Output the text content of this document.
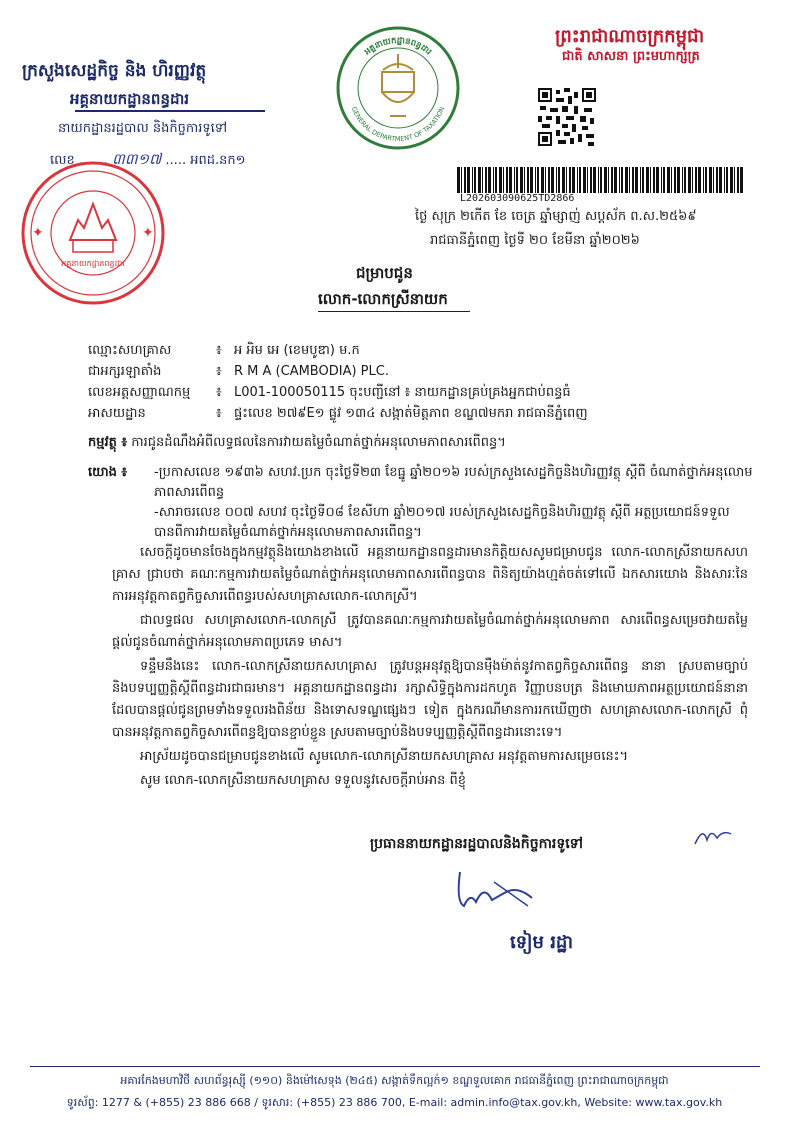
ក្រសួងសេដ្ឋកិច្ច និង ហិរញ្ញវត្ថុ
អគ្គនាយកដ្ឋានពន្ធដារ
នាយកដ្ឋានរដ្ឋបាល និងកិច្ចការទូទៅ
លេខ ....... ៣៣១៧ ..... អពដ.នក១
អគ្គនាយកដ្ឋានពន្ធដារ
✦	✦
អគ្គនាយកដ្ឋានពន្ធដារ
GENERAL DEPARTMENT OF TAXATION
ព្រះរាជាណាចក្រកម្ពុជា
ជាតិ សាសនា ព្រះមហាក្សត្រ
L202603090625TD2866
ថ្ងៃ សុក្រ ២កើត ខែ ចេត្រ ឆ្នាំម្សាញ់ សប្តស័ក ព.ស.២៥៦៩
រាជធានីភ្នំពេញ ថ្ងៃទី ២០ ខែមីនា ឆ្នាំ២០២៦
ជម្រាបជូន
លោក-លោកស្រីនាយក
ឈ្មោះសហគ្រាស	៖ អ អិម អេ (ខេមបូឌា) ម.ក
ជាអក្សរឡាតាំង	៖ R M A (CAMBODIA) PLC.
លេខអត្តសញ្ញាណកម្ម	៖ L001-100050115 ចុះបញ្ជីនៅ ៖ នាយកដ្ឋានគ្រប់គ្រងអ្នកជាប់ពន្ធធំ
អាសយដ្ឋាន	៖ ផ្ទះលេខ ២៧៩E១ ផ្លូវ ១៣៤ សង្កាត់មិត្តភាព ខណ្ឌ៧មករា រាជធានីភ្នំពេញ
កម្មវត្ថុ ៖ ការជូនដំណឹងអំពីលទ្ធផលនៃការវាយតម្លៃចំណាត់ថ្នាក់អនុលោមភាពសារពើពន្ធ។
យោង ៖ -ប្រកាសលេខ ១៩៣៦ សហវ.ប្រក ចុះថ្ងៃទី២៣ ខែធ្នូ ឆ្នាំ២០១៦ របស់ក្រសួងសេដ្ឋកិច្ចនិងហិរញ្ញវត្ថុ ស្តីពី ចំណាត់ថ្នាក់អនុលោមភាពសារពើពន្ធ
-សារាចរលេខ ០០៧ សហវ ចុះថ្ងៃទី០៨ ខែសីហា ឆ្នាំ២០១៧ របស់ក្រសួងសេដ្ឋកិច្ចនិងហិរញ្ញវត្ថុ ស្តីពី អត្ថប្រយោជន៍ទទួលបានពីការវាយតម្លៃចំណាត់ថ្នាក់អនុលោមភាពសារពើពន្ធ។

សេចក្តីដូចមានចែងក្នុងកម្មវត្ថុនិងយោងខាងលើ អគ្គនាយកដ្ឋានពន្ធដារមានកិត្តិយសសូមជម្រាបជូន លោក-លោកស្រីនាយកសហគ្រាស ជ្រាបថា គណៈកម្មការវាយតម្លៃចំណាត់ថ្នាក់អនុលោមភាពសារពើពន្ធបាន ពិនិត្យយ៉ាងហ្មត់ចត់ទៅលើ ឯកសារយោង និងសារៈនៃការអនុវត្តកាតព្វកិច្ចសារពើពន្ធរបស់សហគ្រាសលោក-លោកស្រី។

ជាលទ្ធផល សហគ្រាសលោក-លោកស្រី ត្រូវបានគណៈកម្មការវាយតម្លៃចំណាត់ថ្នាក់អនុលោមភាព សារពើពន្ធសម្រេចវាយតម្លៃផ្តល់ជូនចំណាត់ថ្នាក់អនុលោមភាពប្រភេទ មាស។

ទន្ទឹមនឹងនេះ លោក-លោកស្រីនាយកសហគ្រាស ត្រូវបន្តអនុវត្តឱ្យបានម៉ឺងម៉ាត់នូវកាតព្វកិច្ចសារពើពន្ធ នានា ស្របតាមច្បាប់ និងបទប្បញ្ញត្តិស្តីពីពន្ធដារជាធរមាន។ អគ្គនាយកដ្ឋានពន្ធដារ រក្សាសិទ្ធិក្នុងការដកហូត វិញ្ញាបនបត្រ និងមោឃភាពអត្ថប្រយោជន៍នានាដែលបានផ្តល់ជូនព្រមទាំងទទួលរងពិន័យ និងទោសទណ្ឌផ្សេងៗ ទៀត ក្នុងករណីមានការរកឃើញថា សហគ្រាសលោក-លោកស្រី ពុំបានអនុវត្តកាតព្វកិច្ចសារពើពន្ធឱ្យបានខ្ជាប់ខ្ជួន ស្របតាមច្បាប់និងបទប្បញ្ញត្តិស្តីពីពន្ធដារនោះទេ។

អាស្រ័យដូចបានជម្រាបជូនខាងលើ សូមលោក-លោកស្រីនាយកសហគ្រាស អនុវត្តតាមការសម្រេចនេះ។

សូម លោក-លោកស្រីនាយកសហគ្រាស ទទួលនូវសេចក្តីរាប់អាន ពីខ្ញុំ

ប្រធាននាយកដ្ឋានរដ្ឋបាលនិងកិច្ចការទូទៅ
ទៀម រដ្ឋា
អគារកែងមហាវិថី សហព័ន្ធរុស្ស៊ី (១១០) និងម៉ៅសេទុង (២៤៥) សង្កាត់ទឹកល្អក់១ ខណ្ឌទួលគោក រាជធានីភ្នំពេញ ព្រះរាជាណាចក្រកម្ពុជា
ទូរស័ព្ទ: 1277 & (+855) 23 886 668 / ទូរសារ: (+855) 23 886 700, E-mail: admin.info@tax.gov.kh, Website: www.tax.gov.kh
